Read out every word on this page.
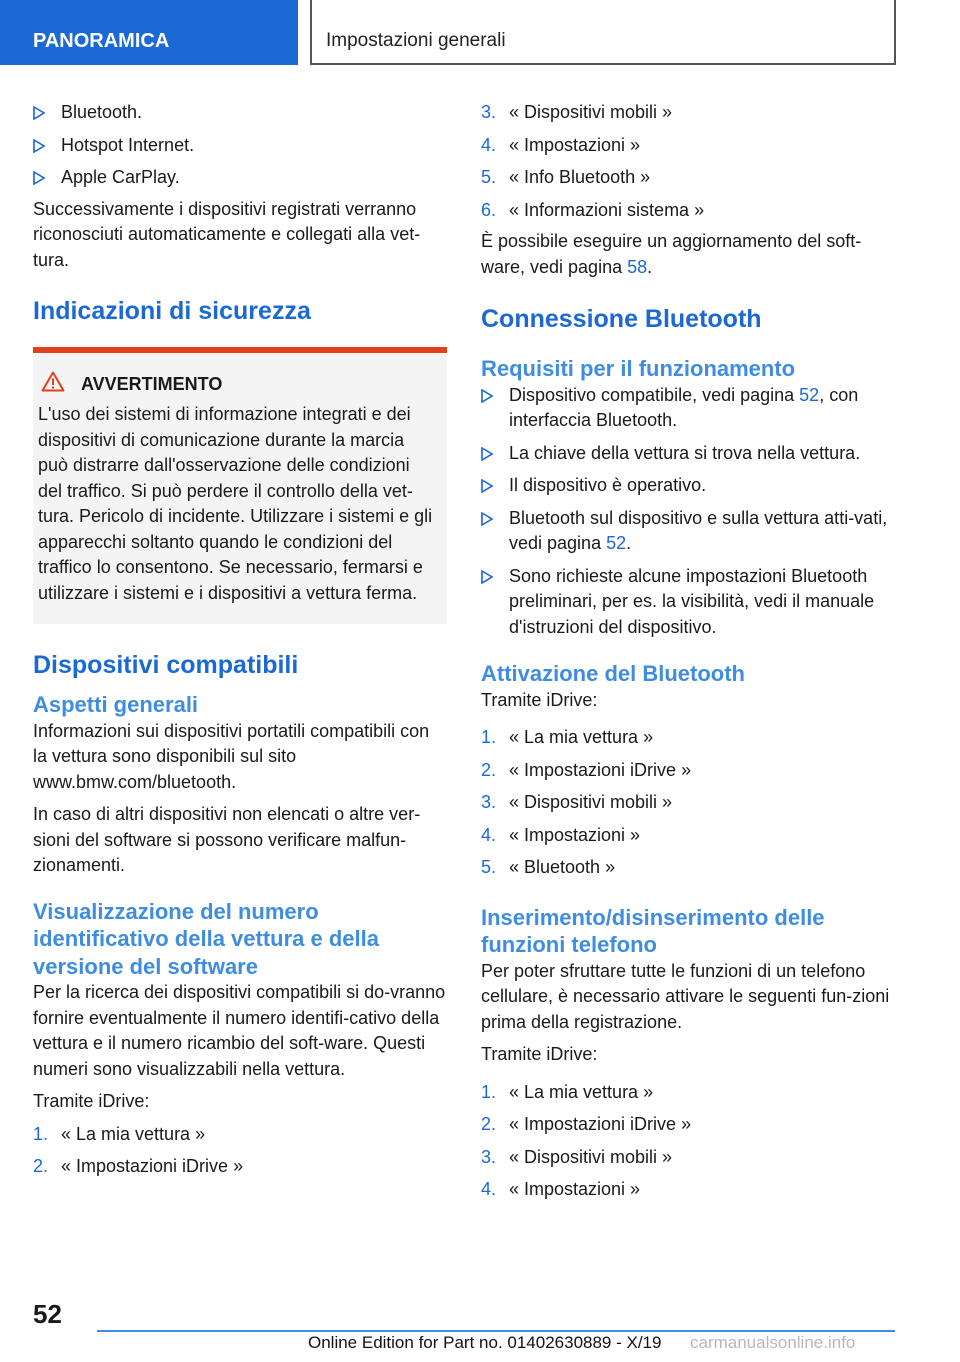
PANORAMICA	Impostazioni generali
Bluetooth.
Hotspot Internet.
Apple CarPlay.

Successivamente i dispositivi registrati verranno riconosciuti automaticamente e collegati alla vet‐tura.

Indicazioni di sicurezza
AVVERTIMENTO

L'uso dei sistemi di informazione integrati e dei dispositivi di comunicazione durante la marcia può distrarre dall'osservazione delle condizioni del traffico. Si può perdere il controllo della vet‐tura. Pericolo di incidente. Utilizzare i sistemi e gli apparecchi soltanto quando le condizioni del traffico lo consentono. Se necessario, fermarsi e utilizzare i sistemi e i dispositivi a vettura ferma.

Dispositivi compatibili
Aspetti generali

Informazioni sui dispositivi portatili compatibili con la vettura sono disponibili sul sito www.bmw.com/bluetooth.

In caso di altri dispositivi non elencati o altre ver‐sioni del software si possono verificare malfun‐zionamenti.

Visualizzazione del numero identificativo della vettura e della versione del software

Per la ricerca dei dispositivi compatibili si do‐vranno fornire eventualmente il numero identifi‐cativo della vettura e il numero ricambio del soft‐ware. Questi numeri sono visualizzabili nella vettura.

Tramite iDrive:

1. « La mia vettura »
2. « Impostazioni iDrive »
3. « Dispositivi mobili »
4. « Impostazioni »
5. « Info Bluetooth »
6. « Informazioni sistema »

È possibile eseguire un aggiornamento del soft‐ware, vedi pagina 58.

Connessione Bluetooth
Requisiti per il funzionamento
Dispositivo compatibile, vedi pagina 52, con interfaccia Bluetooth.
La chiave della vettura si trova nella vettura.
Il dispositivo è operativo.
Bluetooth sul dispositivo e sulla vettura atti‐vati, vedi pagina 52.
Sono richieste alcune impostazioni Bluetooth preliminari, per es. la visibilità, vedi il manuale d'istruzioni del dispositivo.
Attivazione del Bluetooth

Tramite iDrive:

1. « La mia vettura »
2. « Impostazioni iDrive »
3. « Dispositivi mobili »
4. « Impostazioni »
5. « Bluetooth »
Inserimento/disinserimento delle funzioni telefono

Per poter sfruttare tutte le funzioni di un telefono cellulare, è necessario attivare le seguenti fun‐zioni prima della registrazione.

Tramite iDrive:

1. « La mia vettura »
2. « Impostazioni iDrive »
3. « Dispositivi mobili »
4. « Impostazioni »
52
Online Edition for Part no. 01402630889 - X/19 carmanualsonline.info
